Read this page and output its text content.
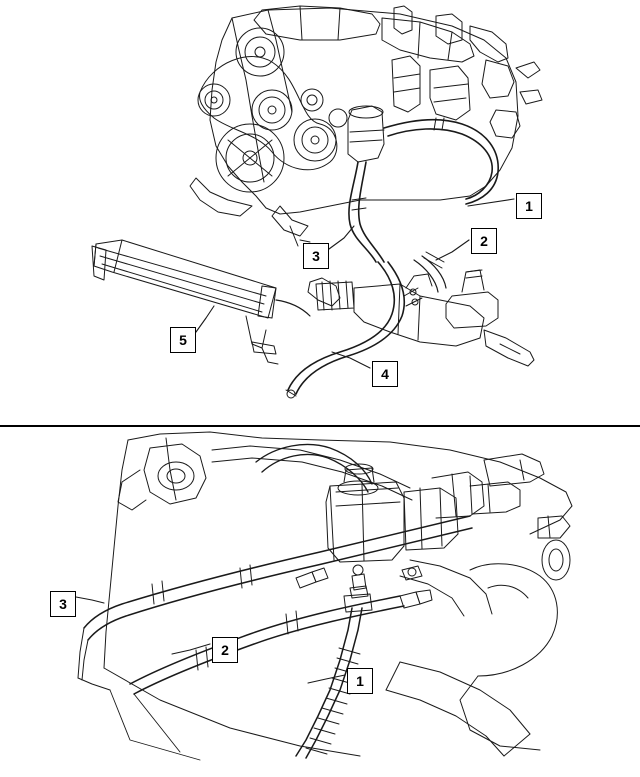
1
2
3
4
5
3
2
1
